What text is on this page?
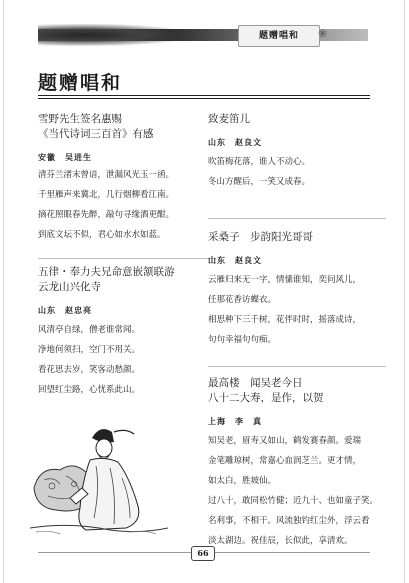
题赠唱和	❀
题赠唱和

雪野先生签名惠赐

《当代诗词三百首》有感

安徽　吴进生

清芬兰渚末曾谙，泄漏风光玉一函。

千里雁声来冀北，几行烟柳看江南。

摘花照眼春先醉，敲句寻缘酒更酣。

到底文坛不似，君心如水水如蓝。

五律・奉力夫兄命意嵌颔联游

云龙山兴化寺

山东　赵忠亮

风清亭自绿，僧老谁常闻。

净地何须扫，空门不用关。

看花思去岁，笑客动愁颜。

回望红尘路，心忧系此山。

致麦笛儿

山东　赵良文

吹笛梅花落，谁人不动心。

冬山方醒后，一笑又成春。

采桑子　步韵阳光哥哥

山东　赵良文

云雁归来无一字，情愫谁知，奕问风儿，

任那花香访蝶衣。

相思种下三千树，花伴时时，摇落成诗，

句句幸福句句痴。

最高楼　闻吴老今日

八十二大寿，是作，以贺

上海　李　真

知吴老，眉寿又如山，鹤发赛春颜。爱瑞

金笔雕琼树，常嘉心血润芝兰。更才情，

如太白，胜坡仙。

过八十，敢同松竹健；近九十、也如童子笑。

名利事，不相干。风流独钓红尘外，浮云看

淡太湖边。祝佳辰，长似此，享清欢。

66
